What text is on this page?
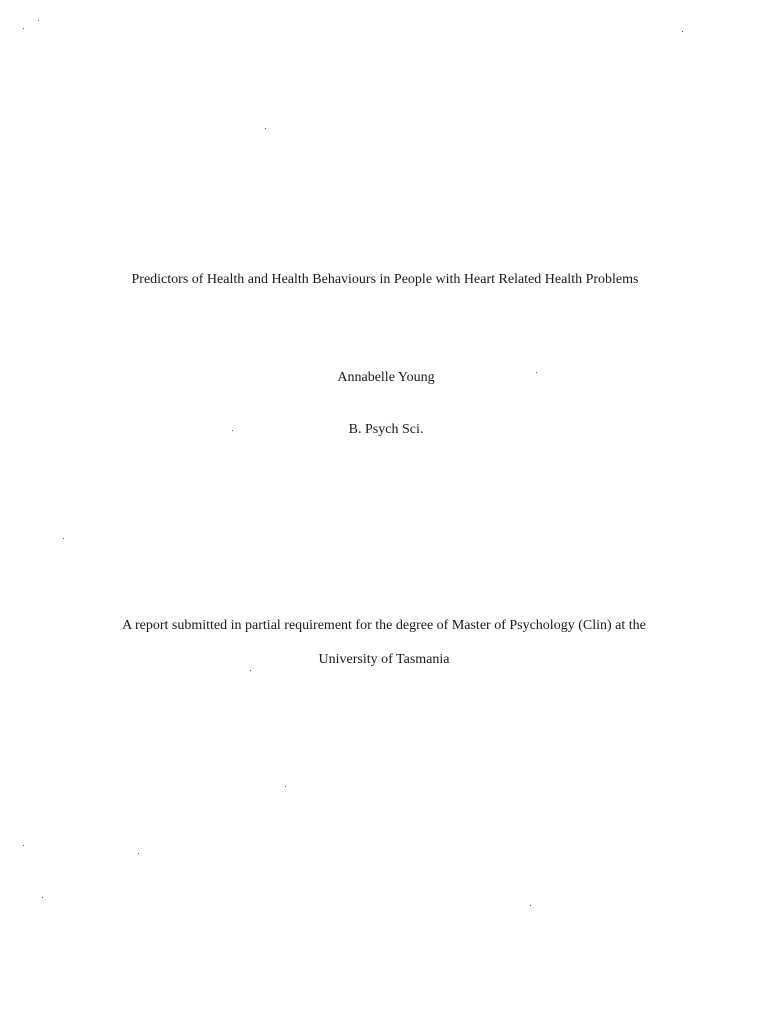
Predictors of Health and Health Behaviours in People with Heart Related Health Problems
Annabelle Young
B. Psych Sci.
A report submitted in partial requirement for the degree of Master of Psychology (Clin) at the
University of Tasmania
